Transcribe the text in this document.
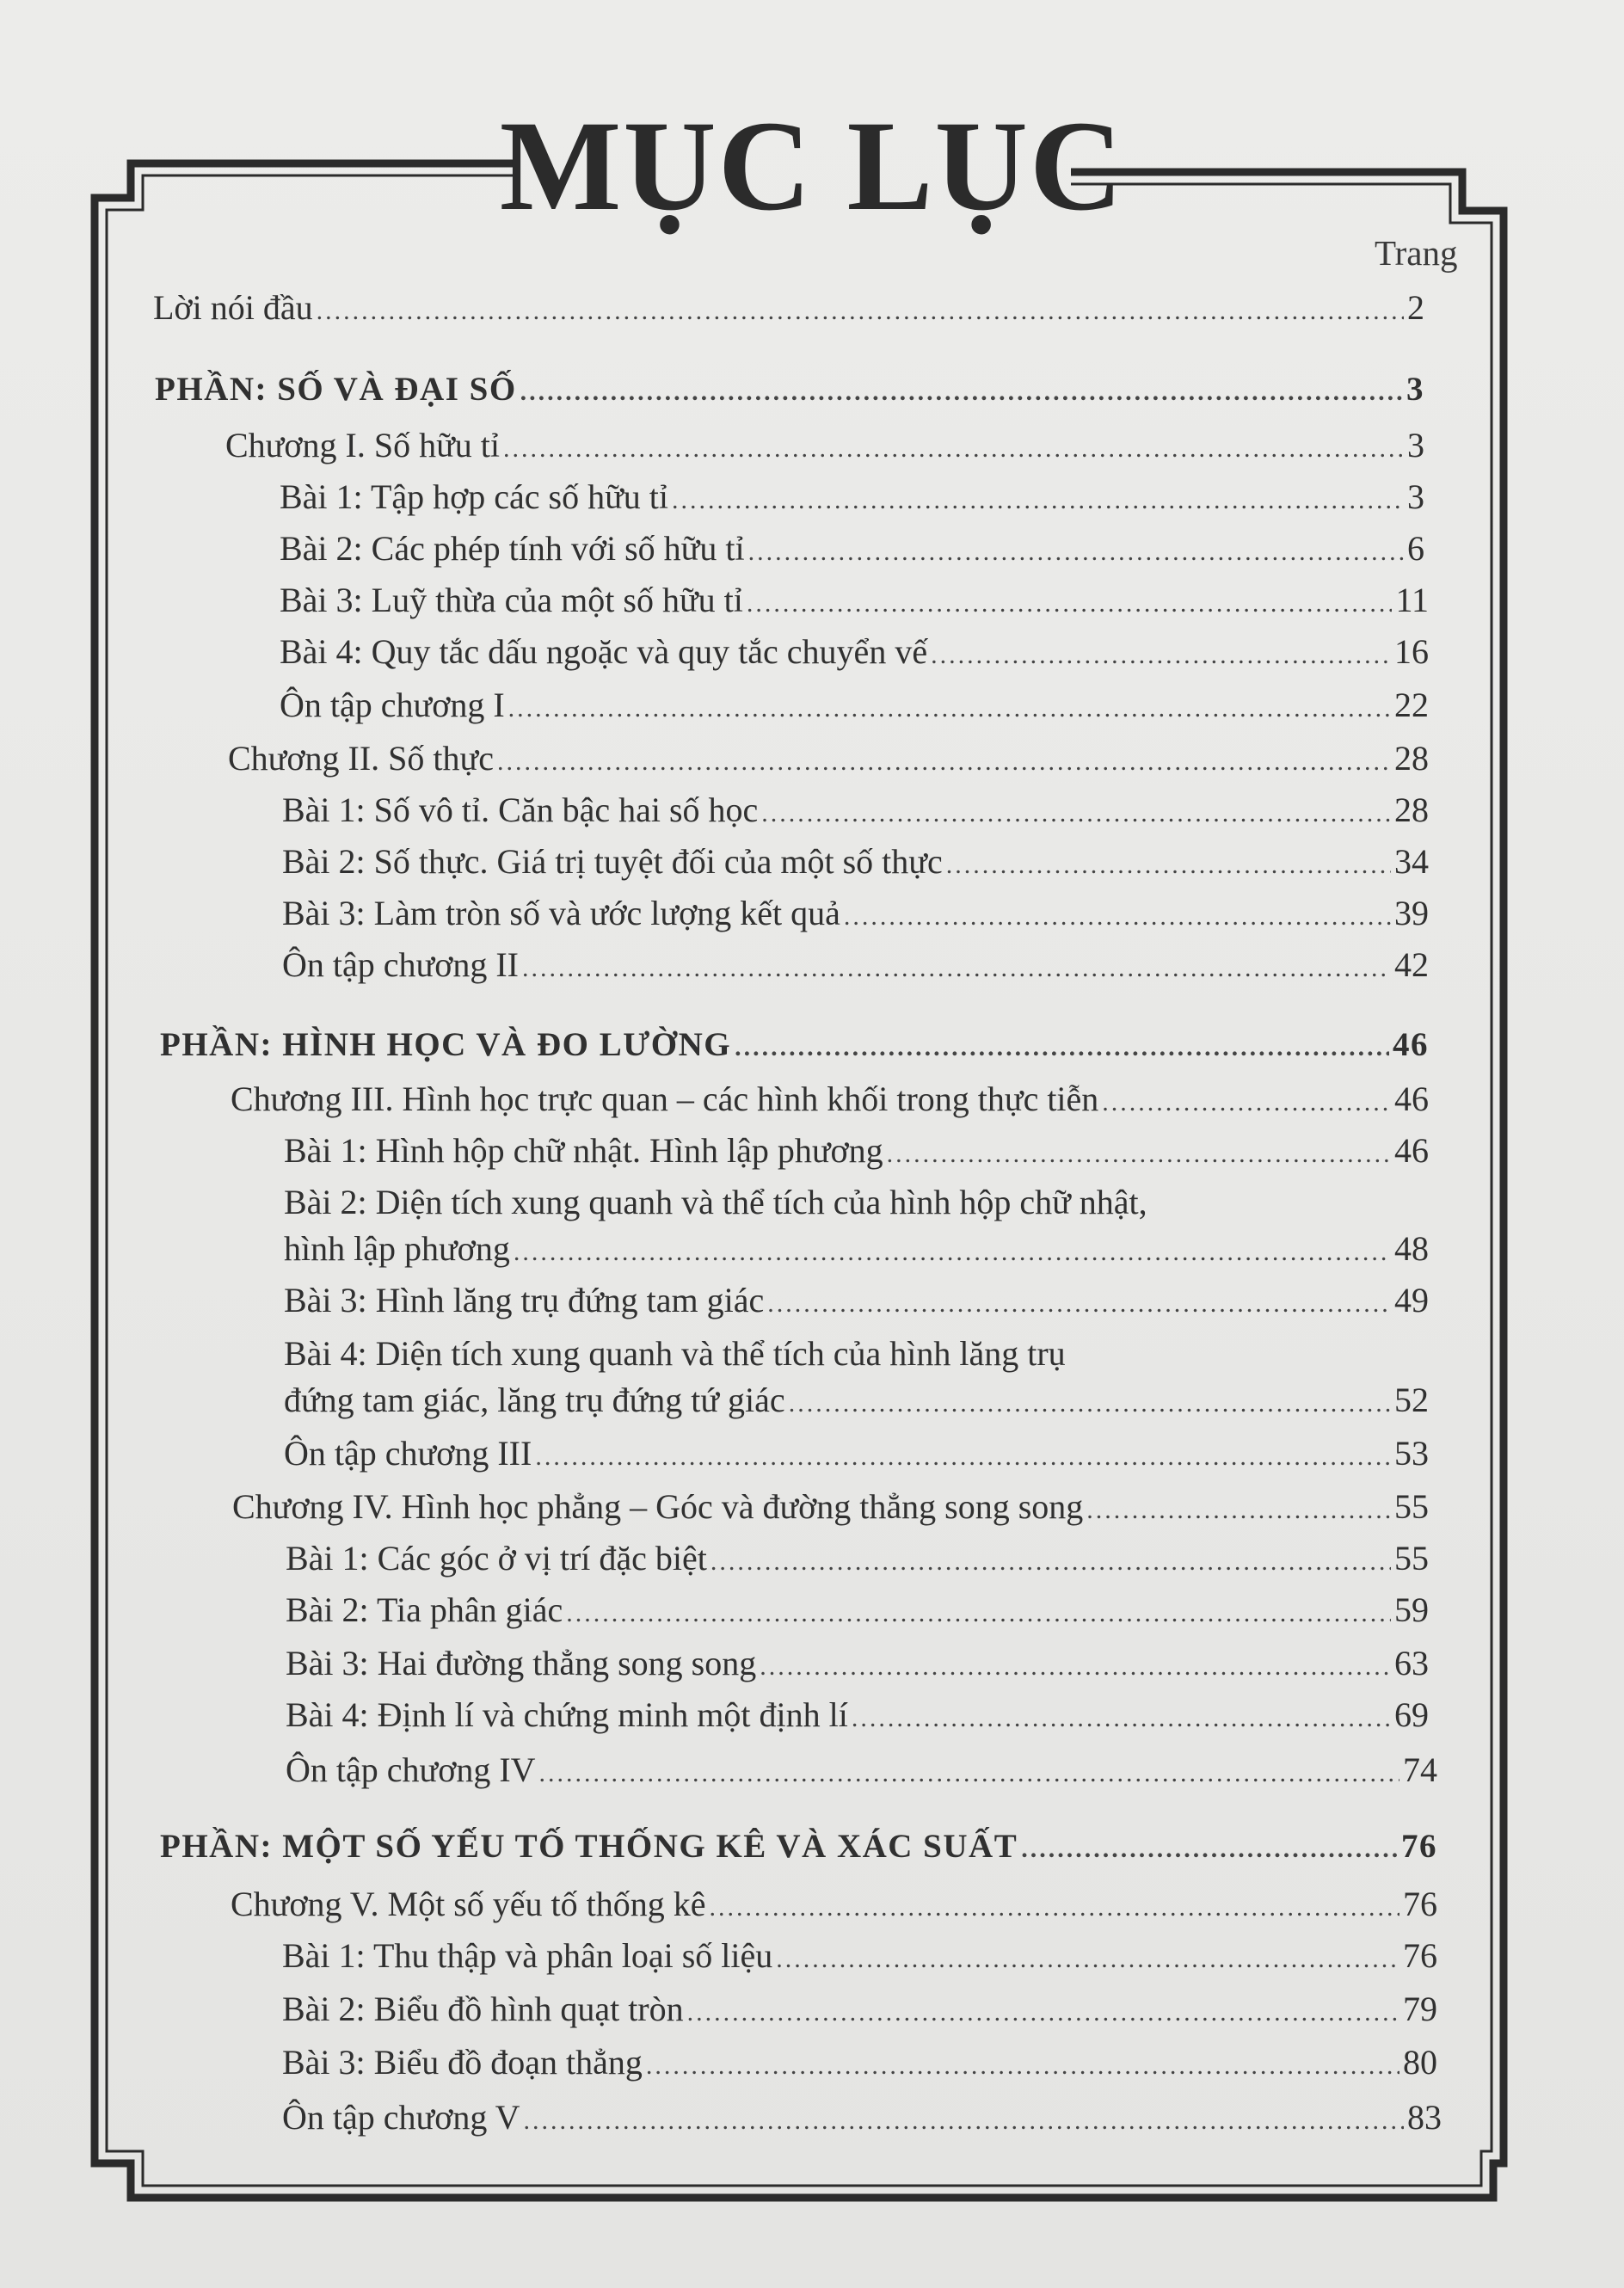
MỤC LỤC
Trang
Lời nói đầu .....	2
PHẦN: SỐ VÀ ĐẠI SỐ .....	3
Chương I. Số hữu tỉ .....	3
Bài 1: Tập hợp các số hữu tỉ .....	3
Bài 2: Các phép tính với số hữu tỉ .....	6
Bài 3: Luỹ thừa của một số hữu tỉ .....	11
Bài 4: Quy tắc dấu ngoặc và quy tắc chuyển vế .....	16
Ôn tập chương I .....	22
Chương II. Số thực .....	28
Bài 1: Số vô tỉ. Căn bậc hai số học .....	28
Bài 2: Số thực. Giá trị tuyệt đối của một số thực .....	34
Bài 3: Làm tròn số và ước lượng kết quả .....	39
Ôn tập chương II .....	42
PHẦN: HÌNH HỌC VÀ ĐO LƯỜNG .....	46
Chương III. Hình học trực quan – các hình khối trong thực tiễn .....	46
Bài 1: Hình hộp chữ nhật. Hình lập phương .....	46
Bài 2: Diện tích xung quanh và thể tích của hình hộp chữ nhật,
hình lập phương .....	48
Bài 3: Hình lăng trụ đứng tam giác .....	49
Bài 4: Diện tích xung quanh và thể tích của hình lăng trụ
đứng tam giác, lăng trụ đứng tứ giác .....	52
Ôn tập chương III .....	53
Chương IV. Hình học phẳng – Góc và đường thẳng song song .....	55
Bài 1: Các góc ở vị trí đặc biệt .....	55
Bài 2: Tia phân giác .....	59
Bài 3: Hai đường thẳng song song .....	63
Bài 4: Định lí và chứng minh một định lí .....	69
Ôn tập chương IV .....	74
PHẦN: MỘT SỐ YẾU TỐ THỐNG KÊ VÀ XÁC SUẤT .....	76
Chương V. Một số yếu tố thống kê .....	76
Bài 1: Thu thập và phân loại số liệu .....	76
Bài 2: Biểu đồ hình quạt tròn .....	79
Bài 3: Biểu đồ đoạn thẳng .....	80
Ôn tập chương V .....	83
